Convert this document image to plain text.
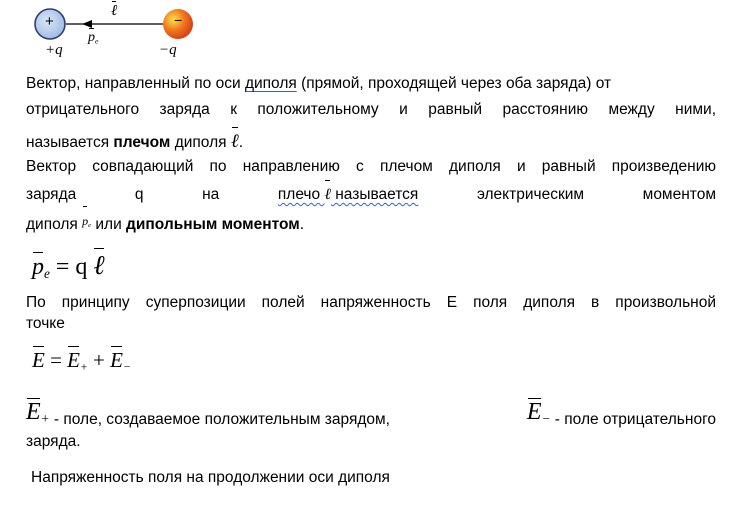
+	−
ℓ
$p_e$
+q	−q
Вектор, направленный по оси диполя (прямой, проходящей через оба заряда) от
отрицательного заряда к положительному и равный расстоянию между ними,
называется плечом диполя ℓ.
Вектор совпадающий по направлению с плечом диполя и равный произведению
заряда	q	на	плечо ℓ называется	электрическим	моментом
диполя $^{p_e}$ или дипольным моментом.
$p_e = q$ ℓ
По принципу суперпозиции полей напряженность Е поля диполя в произвольной
точке
$E = E_+ + E_-$
$E_+$ - поле, создаваемое положительным зарядом,	$E_-$ - поле отрицательного
заряда.
Напряженность поля на продолжении оси диполя
